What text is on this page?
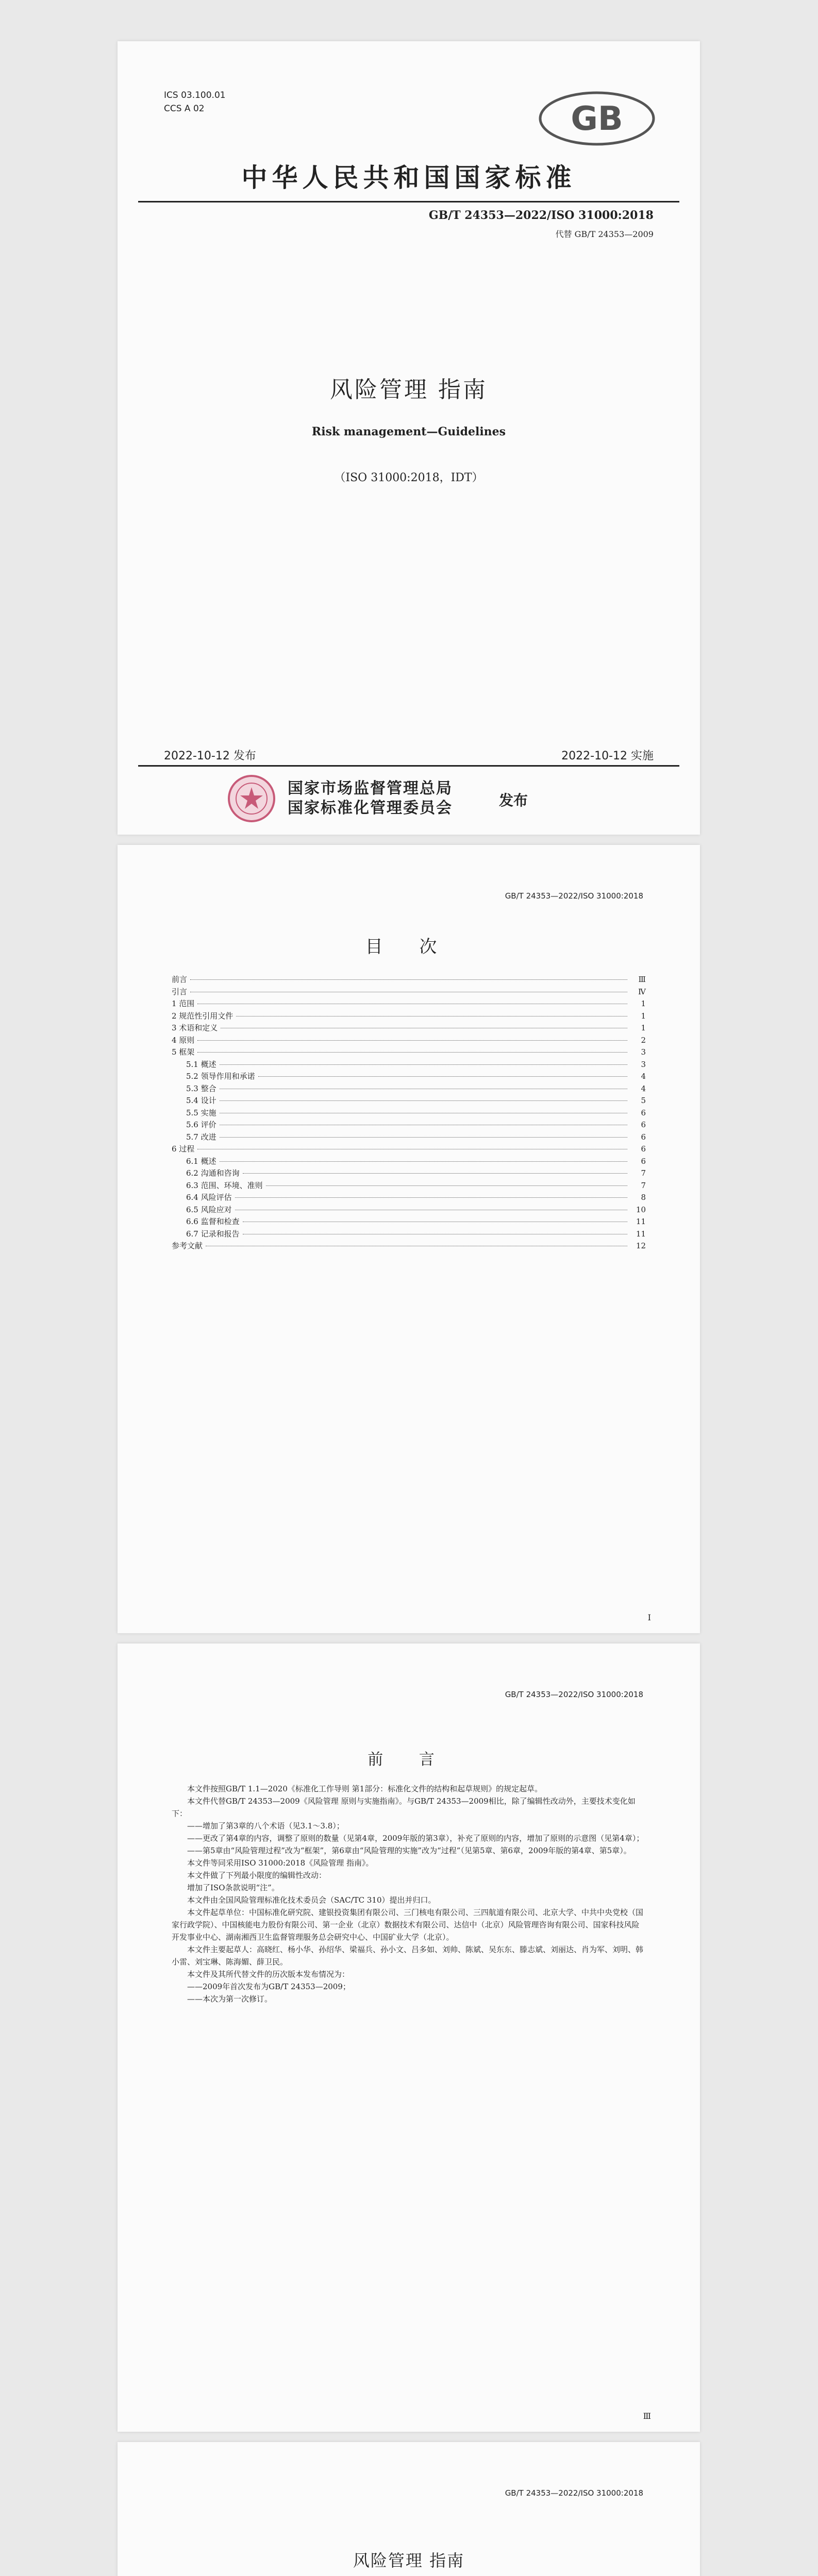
ICS 03.100.01
CCS A 02	GB
中华人民共和国国家标准
GB/T 24353—2022/ISO 31000:2018
代替 GB/T 24353—2009
风险管理 指南
Risk management—Guidelines
（ISO 31000:2018，IDT）
2022-10-12 发布	2022-10-12 实施
国家市场监督管理总局
国家标准化管理委员会	发布
GB/T 24353—2022/ISO 31000:2018
目 次
前言	Ⅲ
引言	Ⅳ
1 范围	1
2 规范性引用文件	1
3 术语和定义	1
4 原则	2
5 框架	3
5.1 概述	3
5.2 领导作用和承诺	4
5.3 整合	4
5.4 设计	5
5.5 实施	6
5.6 评价	6
5.7 改进	6
6 过程	6
6.1 概述	6
6.2 沟通和咨询	7
6.3 范围、环境、准则	7
6.4 风险评估	8
6.5 风险应对	10
6.6 监督和检查	11
6.7 记录和报告	11
参考文献	12
I
GB/T 24353—2022/ISO 31000:2018
前 言

本文件按照GB/T 1.1—2020《标准化工作导则 第1部分：标准化文件的结构和起草规则》的规定起草。

本文件代替GB/T 24353—2009《风险管理 原则与实施指南》。与GB/T 24353—2009相比，除了编辑性改动外，主要技术变化如下：

——增加了第3章的八个术语（见3.1～3.8）；

——更改了第4章的内容，调整了原则的数量（见第4章，2009年版的第3章），补充了原则的内容，增加了原则的示意图（见第4章）；

——第5章由“风险管理过程”改为“框架”，第6章由“风险管理的实施”改为“过程”（见第5章、第6章，2009年版的第4章、第5章）。

本文件等同采用ISO 31000:2018《风险管理 指南》。

本文件做了下列最小限度的编辑性改动：

增加了ISO条款说明“注”。

本文件由全国风险管理标准化技术委员会（SAC/TC 310）提出并归口。

本文件起草单位：中国标准化研究院、建银投资集团有限公司、三门核电有限公司、三四航道有限公司、北京大学、中共中央党校（国家行政学院）、中国核能电力股份有限公司、第一企业（北京）数据技术有限公司、达信中（北京）风险管理咨询有限公司、国家科技风险开发事业中心、湖南湘西卫生监督管理服务总会研究中心、中国矿业大学（北京）。

本文件主要起草人：高晓红、杨小华、孙绍华、梁福兵、孙小文、吕多如、刘帅、陈斌、吴东东、滕志斌、刘丽达、肖为军、刘明、韩小雷、刘宝琳、陈海媚、薛卫民。

本文件及其所代替文件的历次版本发布情况为：

——2009年首次发布为GB/T 24353—2009；

——本次为第一次修订。

Ⅲ
GB/T 24353—2022/ISO 31000:2018
风险管理 指南
